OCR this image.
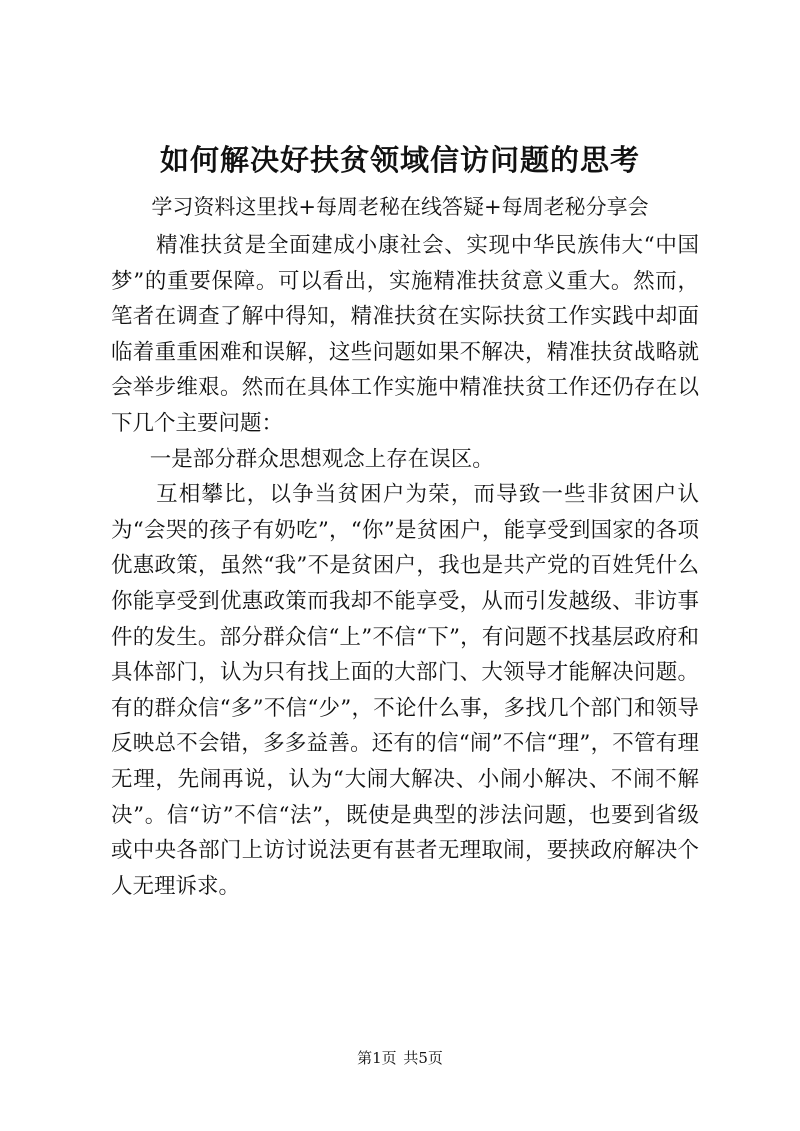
如何解决好扶贫领域信访问题的思考
学习资料这里找+每周老秘在线答疑+每周老秘分享会

精准扶贫是全面建成小康社会、实现中华民族伟大“中国梦”的重要保障。可以看出，实施精准扶贫意义重大。然而，笔者在调查了解中得知，精准扶贫在实际扶贫工作实践中却面临着重重困难和误解，这些问题如果不解决，精准扶贫战略就会举步维艰。然而在具体工作实施中精准扶贫工作还仍存在以下几个主要问题：

一是部分群众思想观念上存在误区。

互相攀比，以争当贫困户为荣，而导致一些非贫困户认为“会哭的孩子有奶吃”，“你”是贫困户，能享受到国家的各项优惠政策，虽然“我”不是贫困户，我也是共产党的百姓凭什么你能享受到优惠政策而我却不能享受，从而引发越级、非访事件的发生。部分群众信“上”不信“下”，有问题不找基层政府和具体部门，认为只有找上面的大部门、大领导才能解决问题。有的群众信“多”不信“少”，不论什么事，多找几个部门和领导反映总不会错，多多益善。还有的信“闹”不信“理”，不管有理无理，先闹再说，认为“大闹大解决、小闹小解决、不闹不解决”。信“访”不信“法”，既使是典型的涉法问题，也要到省级或中央各部门上访讨说法更有甚者无理取闹，要挟政府解决个人无理诉求。

第1页 共5页
